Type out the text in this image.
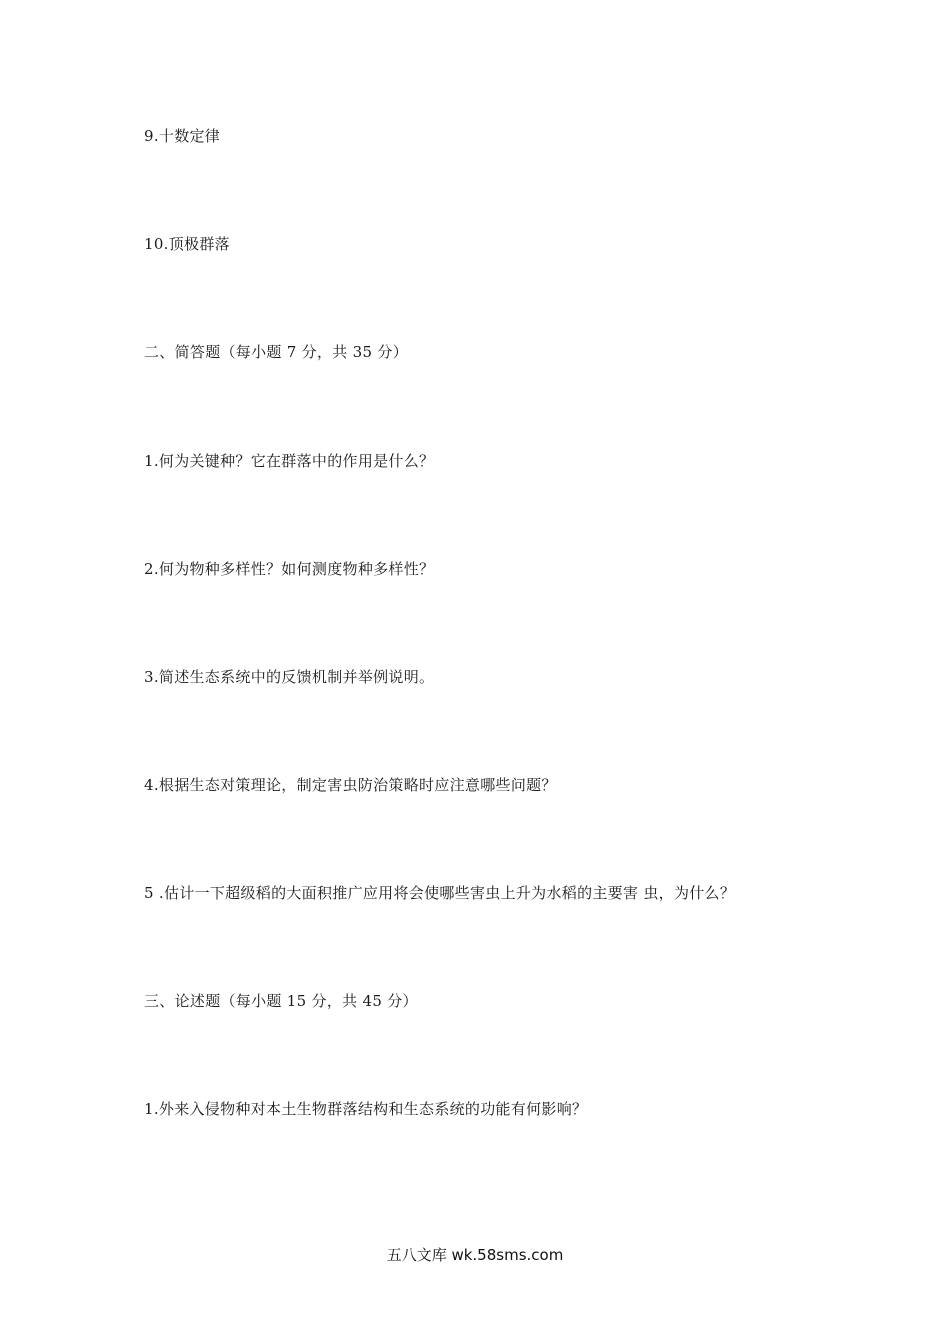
9.十数定律
10.顶极群落
二、简答题（每小题 7 分，共 35 分）
1.何为关键种？它在群落中的作用是什么？
2.何为物种多样性？如何测度物种多样性？
3.简述生态系统中的反馈机制并举例说明。
4.根据生态对策理论，制定害虫防治策略时应注意哪些问题？
5 .估计一下超级稻的大面积推广应用将会使哪些害虫上升为水稻的主要害 虫，为什么？
三、论述题（每小题 15 分，共 45 分）
1.外来入侵物种对本土生物群落结构和生态系统的功能有何影响？
五八文库 wk.58sms.com
